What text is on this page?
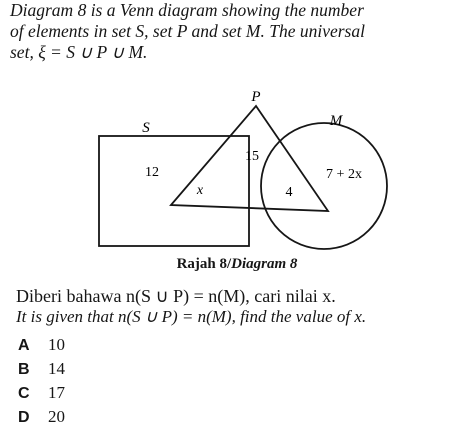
Diagram 8 is a Venn diagram showing the number
of elements in set S, set P and set M. The universal
set, ξ = S ∪ P ∪ M.
S
P
M
12
x
15
4
7 + 2x
Rajah 8/Diagram 8
Diberi bahawa n(S ∪ P) = n(M), cari nilai x.
It is given that n(S ∪ P) = n(M), find the value of x.
A 10
B 14
C 17
D 20
